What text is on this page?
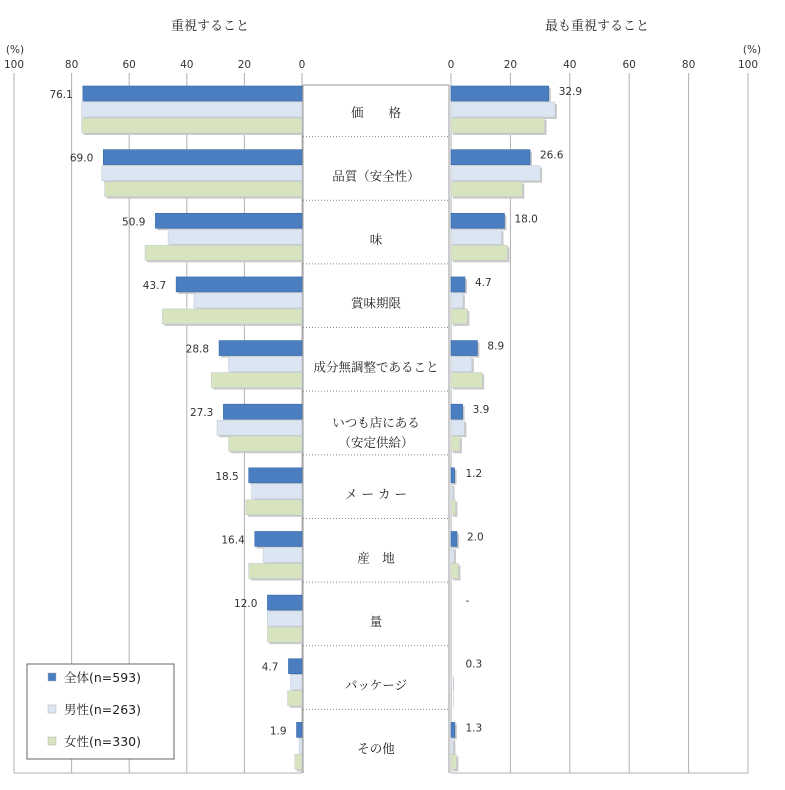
価　　格
品質（安全性）
味
賞味期限
成分無調整であること
いつも店にある
（安定供給）
メ ー カ ー
産　地
量
パッケージ
その他
重視すること	最も重視すること
(%)	(%)
100	80	60	40	20	0	0	20	40	60	80	100
76.1
69.0
50.9
43.7
28.8
27.3
18.5
16.4
12.0
4.7
1.9
32.9
26.6
18.0
4.7
8.9
3.9
1.2
2.0
-
0.3
1.3
全体(n=593)
男性(n=263)
女性(n=330)
